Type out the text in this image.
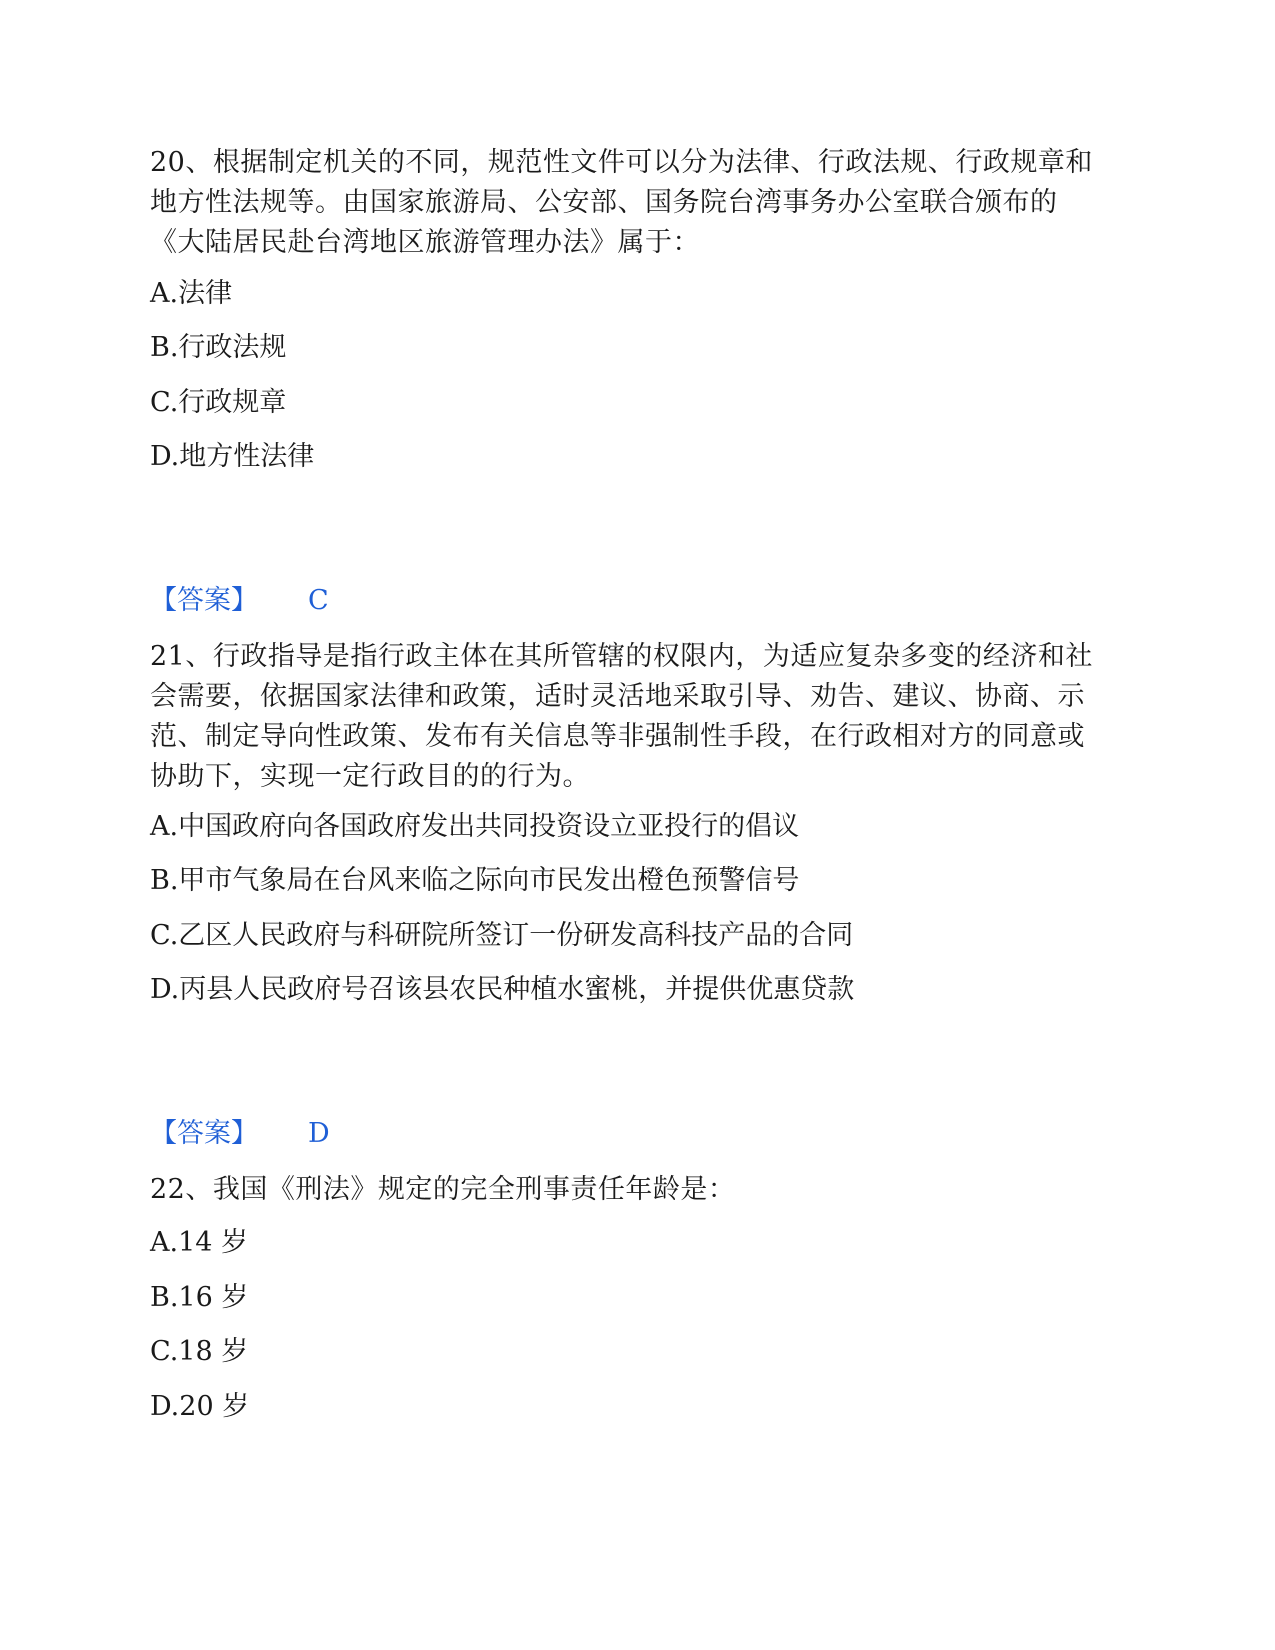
20、根据制定机关的不同，规范性文件可以分为法律、行政法规、行政规章和地方性法规等。由国家旅游局、公安部、国务院台湾事务办公室联合颁布的《大陆居民赴台湾地区旅游管理办法》属于：
A.法律
B.行政法规
C.行政规章
D.地方性法律
【答案】 C
21、行政指导是指行政主体在其所管辖的权限内，为适应复杂多变的经济和社会需要，依据国家法律和政策，适时灵活地采取引导、劝告、建议、协商、示范、制定导向性政策、发布有关信息等非强制性手段，在行政相对方的同意或协助下，实现一定行政目的的行为。
A.中国政府向各国政府发出共同投资设立亚投行的倡议
B.甲市气象局在台风来临之际向市民发出橙色预警信号
C.乙区人民政府与科研院所签订一份研发高科技产品的合同
D.丙县人民政府号召该县农民种植水蜜桃，并提供优惠贷款
【答案】 D
22、我国《刑法》规定的完全刑事责任年龄是：
A.14 岁
B.16 岁
C.18 岁
D.20 岁
